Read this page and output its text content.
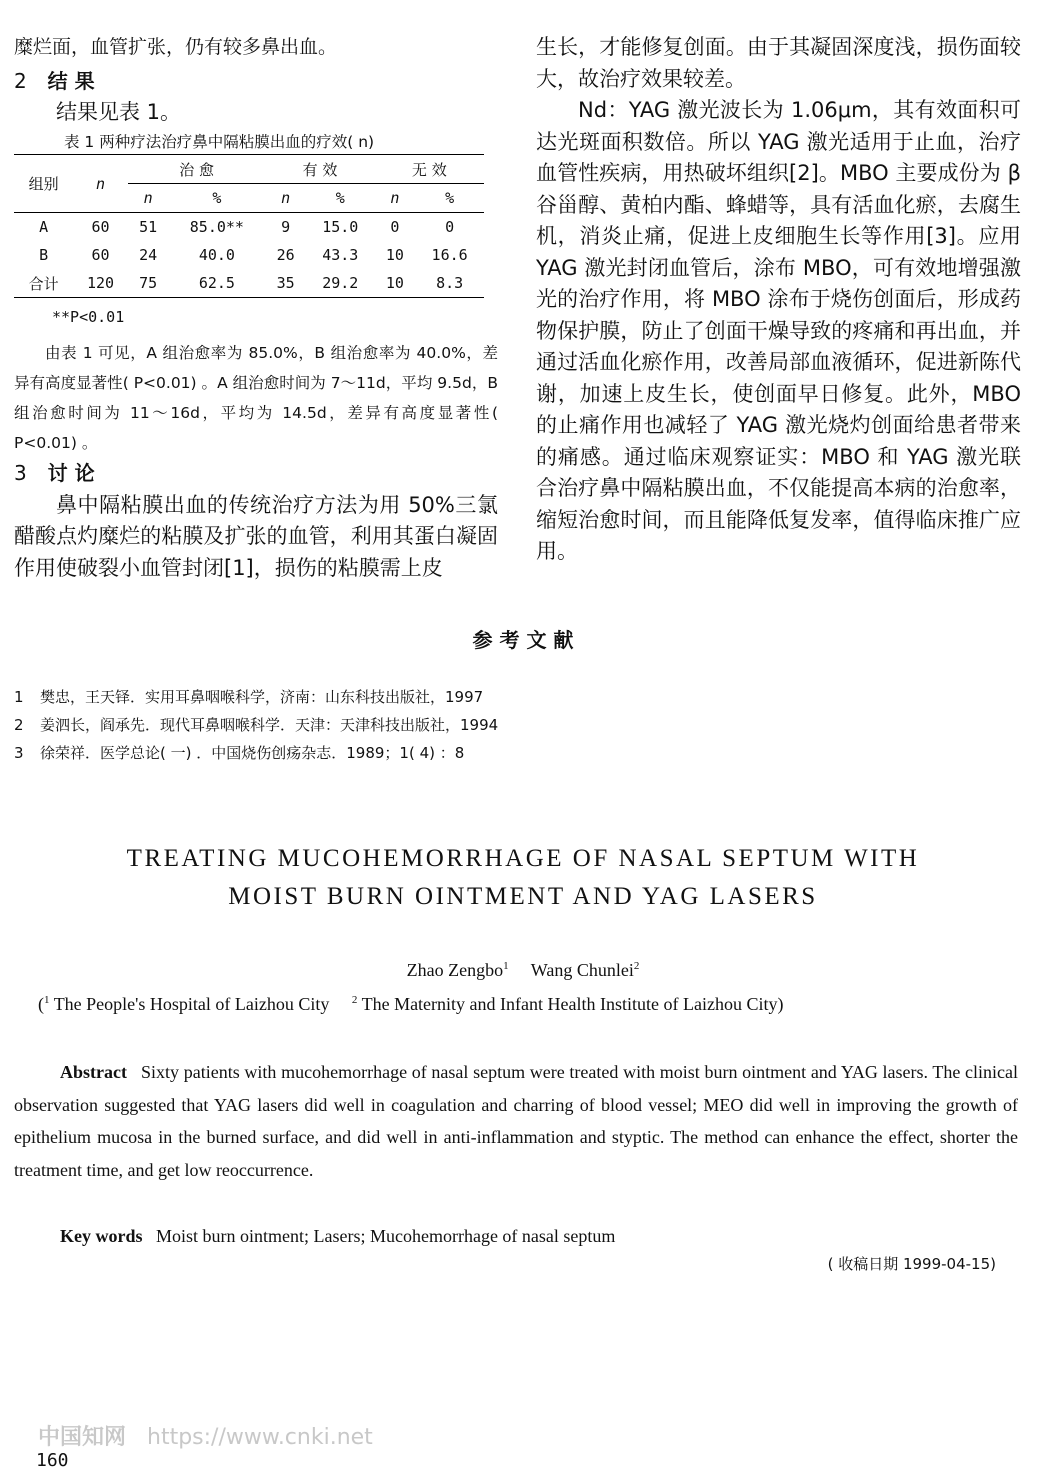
糜烂面，血管扩张，仍有较多鼻出血。

2 结 果

结果见表 1。

表 1 两种疗法治疗鼻中隔粘膜出血的疗效( n)
组别	n	治 愈		有 效		无 效	
		n	%	n	%	n	%
A	60	51	85.0**	9	15.0	0	0
B	60	24	40.0	26	43.3	10	16.6
合计	120	75	62.5	35	29.2	10	8.3
**P<0.01

由表 1 可见，A 组治愈率为 85.0%，B 组治愈率为 40.0%，差异有高度显著性( P<0.01) 。A 组治愈时间为 7～11d，平均 9.5d，B 组治愈时间为 11～16d，平均为 14.5d，差异有高度显著性( P<0.01) 。

3 讨 论

鼻中隔粘膜出血的传统治疗方法为用 50%三氯醋酸点灼糜烂的粘膜及扩张的血管，利用其蛋白凝固作用使破裂小血管封闭[1]，损伤的粘膜需上皮

生长，才能修复创面。由于其凝固深度浅，损伤面较大，故治疗效果较差。

Nd：YAG 激光波长为 1.06μm，其有效面积可达光斑面积数倍。所以 YAG 激光适用于止血，治疗血管性疾病，用热破坏组织[2]。MBO 主要成份为 β 谷甾醇、黄柏内酯、蜂蜡等，具有活血化瘀，去腐生机，消炎止痛，促进上皮细胞生长等作用[3]。应用 YAG 激光封闭血管后，涂布 MBO，可有效地增强激光的治疗作用，将 MBO 涂布于烧伤创面后，形成药物保护膜，防止了创面干燥导致的疼痛和再出血，并通过活血化瘀作用，改善局部血液循环，促进新陈代谢，加速上皮生长，使创面早日修复。此外，MBO 的止痛作用也减轻了 YAG 激光烧灼创面给患者带来的痛感。通过临床观察证实：MBO 和 YAG 激光联合治疗鼻中隔粘膜出血，不仅能提高本病的治愈率，缩短治愈时间，而且能降低复发率，值得临床推广应用。

参 考 文 献
1 樊忠，王天铎．实用耳鼻咽喉科学，济南：山东科技出版社，1997
2 姜泗长，阎承先．现代耳鼻咽喉科学．天津：天津科技出版社，1994
3 徐荣祥．医学总论( 一) ．中国烧伤创疡杂志．1989；1( 4) ：8
TREATING MUCOHEMORRHAGE OF NASAL SEPTUM WITH
MOIST BURN OINTMENT AND YAG LASERS
Zhao Zengbo$^1$ Wang Chunlei$^2$
($^1$ The People's Hospital of Laizhou City $^2$ The Maternity and Infant Health Institute of Laizhou City)
Abstract Sixty patients with mucohemorrhage of nasal septum were treated with moist burn ointment and YAG lasers. The clinical observation suggested that YAG lasers did well in coagulation and charring of blood vessel; MEO did well in improving the growth of epithelium mucosa in the burned surface, and did well in anti-inflammation and styptic. The method can enhance the effect, shorter the treatment time, and get low reoccurrence.
Key words Moist burn ointment; Lasers; Mucohemorrhage of nasal septum
( 收稿日期 1999-04-15)
中国知网 https://www.cnki.net
160
